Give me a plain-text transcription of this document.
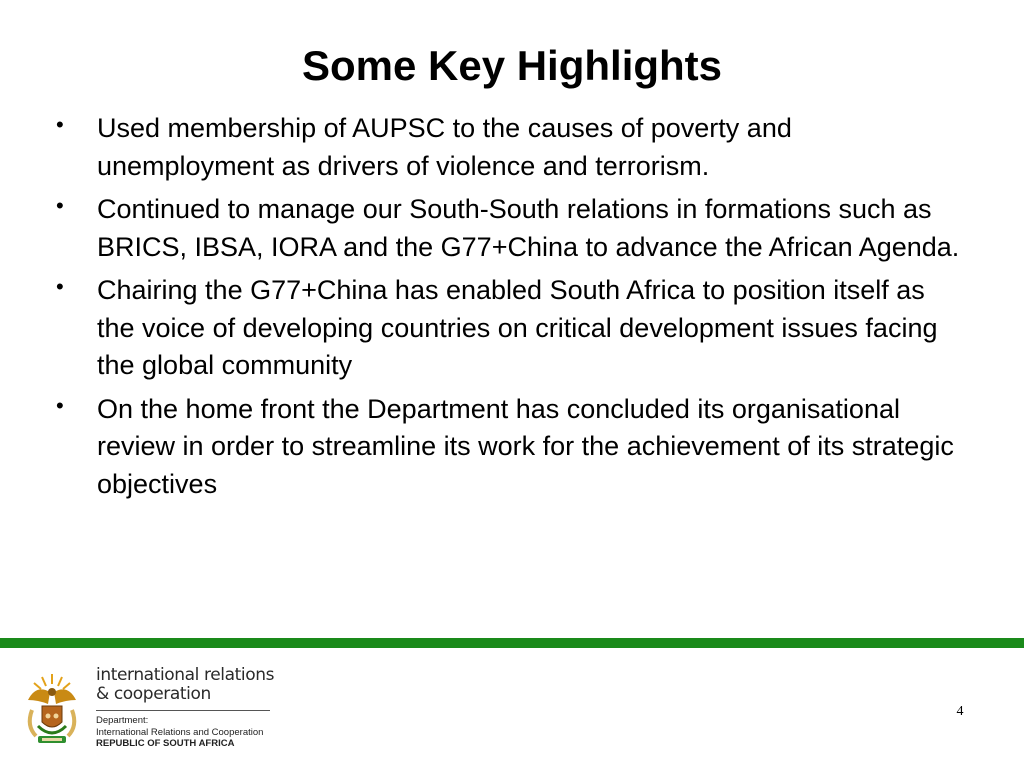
Some Key Highlights
• Used membership of AUPSC to the causes of poverty and unemployment as drivers of violence and terrorism.
• Continued to manage our South-South relations in formations such as BRICS, IBSA, IORA and the G77+China to advance the African Agenda.
• Chairing the G77+China has enabled South Africa to position itself as the voice of developing countries on critical development issues facing the global community
• On the home front the Department has concluded its organisational review in order to streamline its work for the achievement of its strategic objectives
international relations
& cooperation
Department:
International Relations and Cooperation
REPUBLIC OF SOUTH AFRICA
4
